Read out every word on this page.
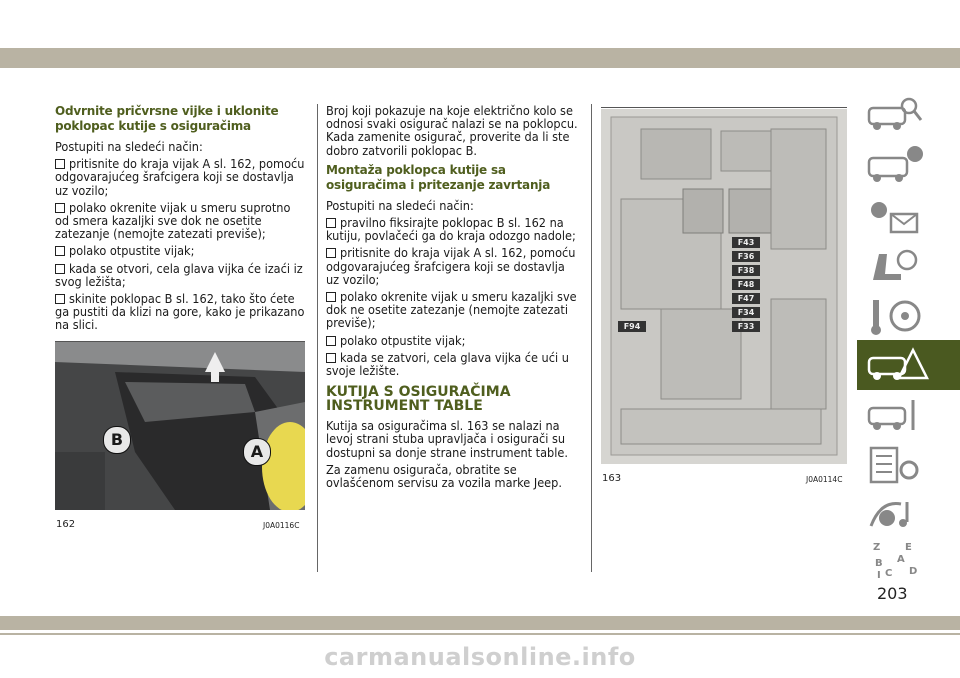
Odvrnite pričvrsne vijke i uklonite poklopac kutije s osiguračima

Postupiti na sledeći način:

pritisnite do kraja vijak A sl. 162, pomoću odgovarajućeg šrafcigera koji se dostavlja uz vozilo;

polako okrenite vijak u smeru suprotno od smera kazaljki sve dok ne osetite zatezanje (nemojte zatezati previše);

polako otpustite vijak;

kada se otvori, cela glava vijka će izaći iz svog ležišta;

skinite poklopac B sl. 162, tako što ćete ga pustiti da klizi na gore, kako je prikazano na slici.

B
A
162	J0A0116C

Broj koji pokazuje na koje električno kolo se odnosi svaki osigurač nalazi se na poklopcu. Kada zamenite osigurač, proverite da li ste dobro zatvorili poklopac B.

Montaža poklopca kutije sa osiguračima i pritezanje zavrtanja

Postupiti na sledeći način:

pravilno fiksirajte poklopac B sl. 162 na kutiju, povlačeći ga do kraja odozgo nadole;

pritisnite do kraja vijak A sl. 162, pomoću odgovarajućeg šrafcigera koji se dostavlja uz vozilo;

polako okrenite vijak u smeru kazaljki sve dok ne osetite zatezanje (nemojte zatezati previše);

polako otpustite vijak;

kada se zatvori, cela glava vijka će ući u svoje ležište.

KUTIJA S OSIGURAČIMA
INSTRUMENT TABLE

Kutija sa osiguračima sl. 163 se nalazi na levoj strani stuba upravljača i osigurači su dostupni sa donje strane instrument table.

Za zamenu osigurača, obratite se ovlašćenom servisu za vozila marke Jeep.

F43
F36
F38
F48
F47
F34
F33
F94
163	J0A0114C
Z E
A
B
C
I	D
203
carmanualsonline.info
